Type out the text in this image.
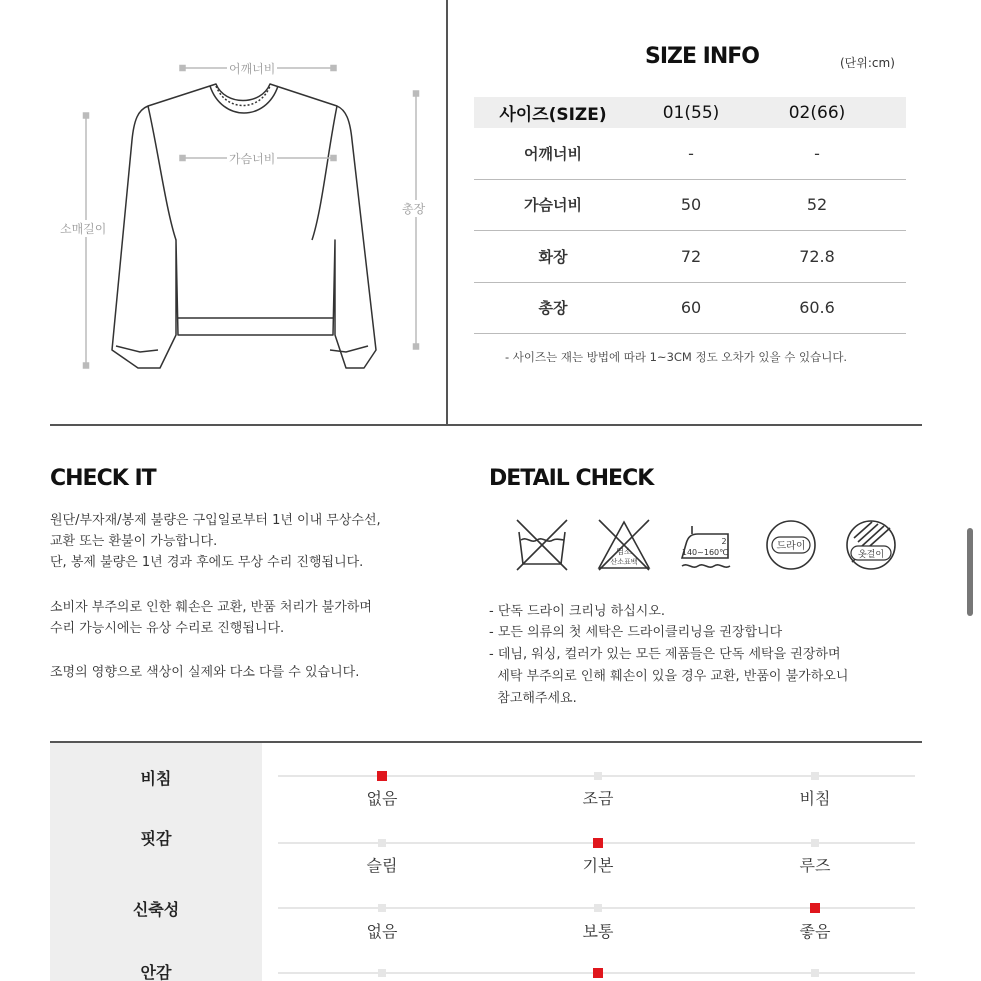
어깨너비
가슴너비
소매길이
총장
SIZE INFO	(단위:cm)
사이즈(SIZE)	01(55)	02(66)
어깨너비	-	-
가슴너비	50	52
화장	72	72.8
총장	60	60.6
- 사이즈는 재는 방법에 따라 1~3CM 정도 오차가 있을 수 있습니다.
CHECK IT
원단/부자재/봉제 불량은 구입일로부터 1년 이내 무상수선,
교환 또는 환불이 가능합니다.
단, 봉제 불량은 1년 경과 후에도 무상 수리 진행됩니다.
소비자 부주의로 인한 훼손은 교환, 반품 처리가 불가하며
수리 가능시에는 유상 수리로 진행됩니다.
조명의 영향으로 색상이 실제와 다소 다를 수 있습니다.
DETAIL CHECK
염소
산소표백
2
140~160℃
드라이
옷걸이
- 단독 드라이 크리닝 하십시오.
- 모든 의류의 첫 세탁은 드라이클리닝을 권장합니다
- 데님, 워싱, 컬러가 있는 모든 제품들은 단독 세탁을 권장하며
세탁 부주의로 인해 훼손이 있을 경우 교환, 반품이 불가하오니
참고해주세요.
비침
없음	조금	비침
핏감
슬림	기본	루즈
신축성
없음	보통	좋음
안감
